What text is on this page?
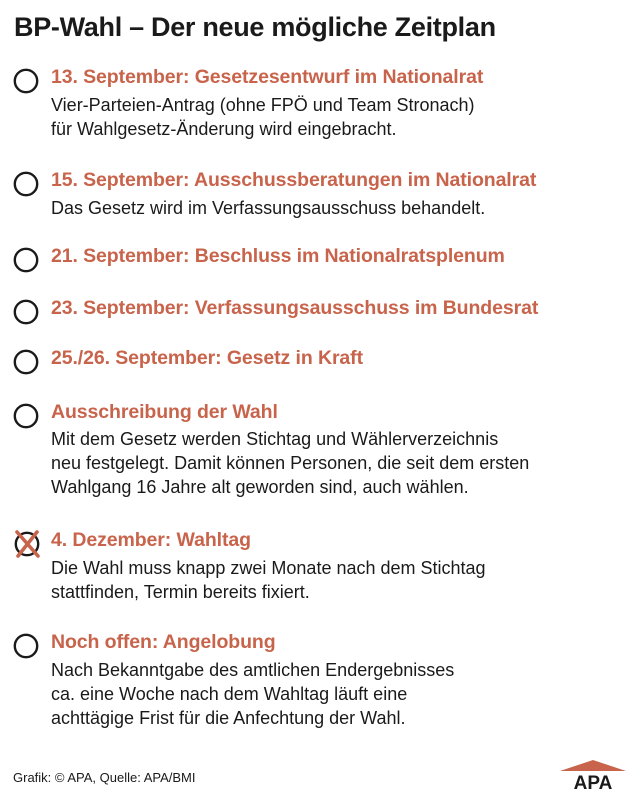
BP-Wahl – Der neue mögliche Zeitplan
13. September: Gesetzesentwurf im Nationalrat
Vier-Parteien-Antrag (ohne FPÖ und Team Stronach)
für Wahlgesetz-Änderung wird eingebracht.
15. September: Ausschussberatungen im Nationalrat
Das Gesetz wird im Verfassungsausschuss behandelt.
21. September: Beschluss im Nationalratsplenum
23. September: Verfassungsausschuss im Bundesrat
25./26. September: Gesetz in Kraft
Ausschreibung der Wahl
Mit dem Gesetz werden Stichtag und Wählerverzeichnis
neu festgelegt. Damit können Personen, die seit dem ersten
Wahlgang 16 Jahre alt geworden sind, auch wählen.
4. Dezember: Wahltag
Die Wahl muss knapp zwei Monate nach dem Stichtag
stattfinden, Termin bereits fixiert.
Noch offen: Angelobung
Nach Bekanntgabe des amtlichen Endergebnisses
ca. eine Woche nach dem Wahltag läuft eine
achttägige Frist für die Anfechtung der Wahl.
Grafik: © APA, Quelle: APA/BMI	APA
